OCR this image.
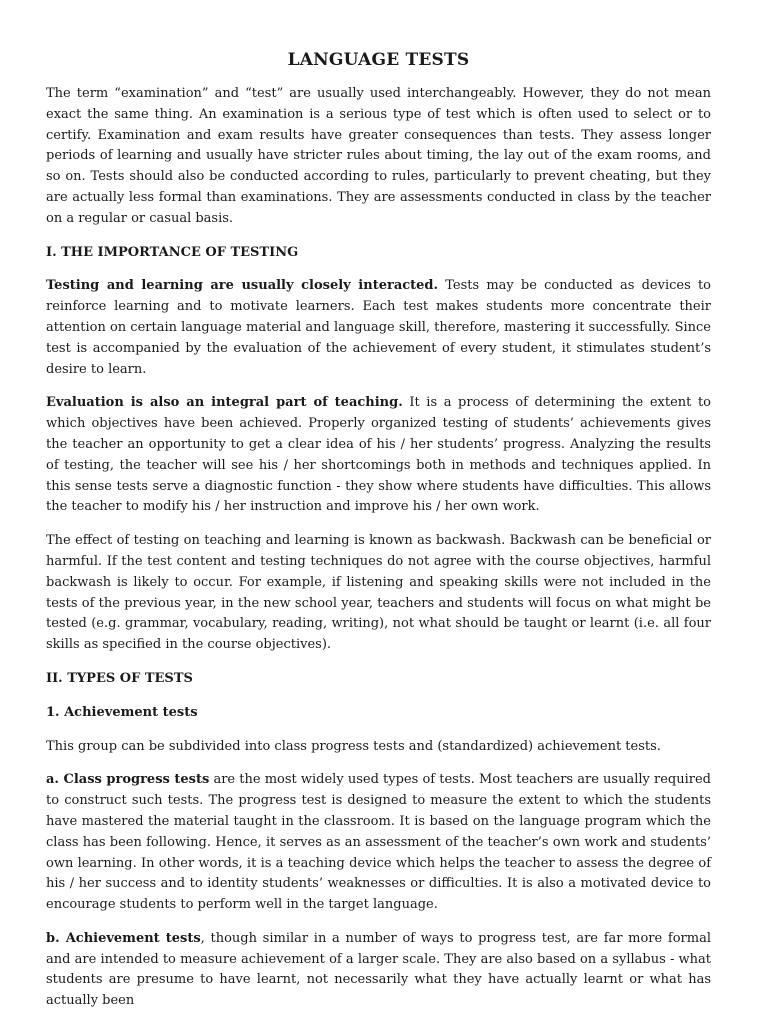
LANGUAGE TESTS

The term “examination” and “test” are usually used interchangeably. However, they do not mean exact the same thing. An examination is a serious type of test which is often used to select or to certify. Examination and exam results have greater consequences than tests. They assess longer periods of learning and usually have stricter rules about timing, the lay out of the exam rooms, and so on. Tests should also be conducted according to rules, particularly to prevent cheating, but they are actually less formal than examinations. They are assessments conducted in class by the teacher on a regular or casual basis.

I. THE IMPORTANCE OF TESTING

Testing and learning are usually closely interacted. Tests may be conducted as devices to reinforce learning and to motivate learners. Each test makes students more concentrate their attention on certain language material and language skill, therefore, mastering it successfully. Since test is accompanied by the evaluation of the achievement of every student, it stimulates student’s desire to learn.

Evaluation is also an integral part of teaching. It is a process of determining the extent to which objectives have been achieved. Properly organized testing of students’ achievements gives the teacher an opportunity to get a clear idea of his / her students’ progress. Analyzing the results of testing, the teacher will see his / her shortcomings both in methods and techniques applied. In this sense tests serve a diagnostic function - they show where students have difficulties. This allows the teacher to modify his / her instruction and improve his / her own work.

The effect of testing on teaching and learning is known as backwash. Backwash can be beneficial or harmful. If the test content and testing techniques do not agree with the course objectives, harmful backwash is likely to occur. For example, if listening and speaking skills were not included in the tests of the previous year, in the new school year, teachers and students will focus on what might be tested (e.g. grammar, vocabulary, reading, writing), not what should be taught or learnt (i.e. all four skills as specified in the course objectives).

II. TYPES OF TESTS

1. Achievement tests

This group can be subdivided into class progress tests and (standardized) achievement tests.

a. Class progress tests are the most widely used types of tests. Most teachers are usually required to construct such tests. The progress test is designed to measure the extent to which the students have mastered the material taught in the classroom. It is based on the language program which the class has been following. Hence, it serves as an assessment of the teacher’s own work and students’ own learning. In other words, it is a teaching device which helps the teacher to assess the degree of his / her success and to identity students’ weaknesses or difficulties. It is also a motivated device to encourage students to perform well in the target language.

b. Achievement tests, though similar in a number of ways to progress test, are far more formal and are intended to measure achievement of a larger scale. They are also based on a syllabus - what students are presume to have learnt, not necessarily what they have actually learnt or what has actually been
